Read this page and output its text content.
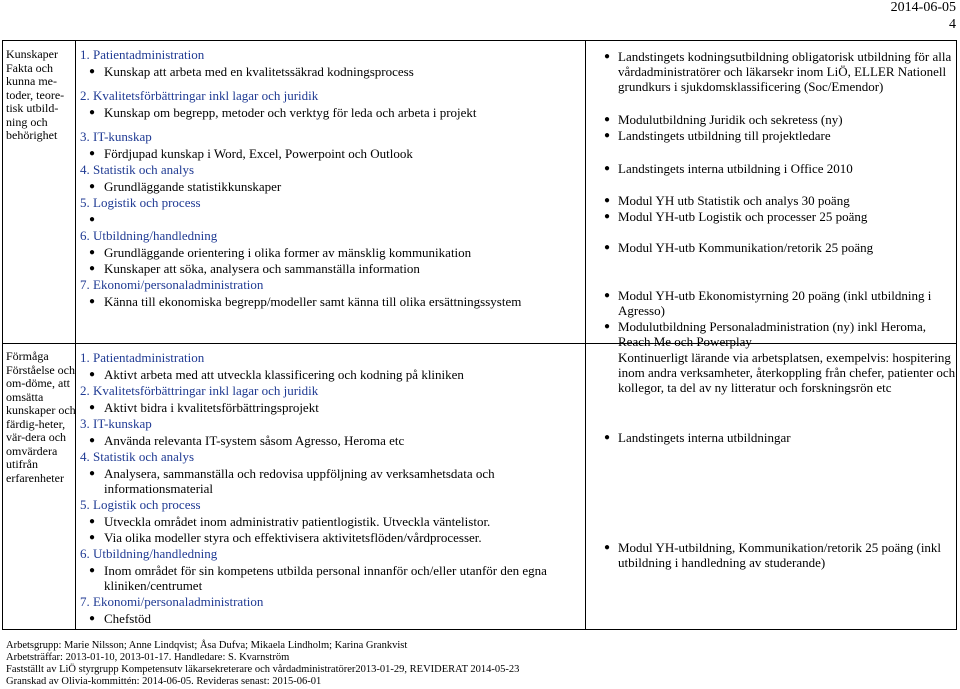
2014-06-05
4
Kunskaper Fakta och kunna me-toder, teore-tisk utbild-ning och behörighet
Förmåga Förståelse och om-döme, att omsätta kunskaper och färdig-heter, vär-dera och omvärdera utifrån erfarenheter
1. Patientadministration
● Kunskap att arbeta med en kvalitetssäkrad kodningsprocess
2. Kvalitetsförbättringar inkl lagar och juridik
● Kunskap om begrepp, metoder och verktyg för leda och arbeta i projekt
3. IT-kunskap
● Fördjupad kunskap i Word, Excel, Powerpoint och Outlook
4. Statistik och analys
● Grundläggande statistikkunskaper
5. Logistik och process
●
6. Utbildning/handledning
● Grundläggande orientering i olika former av mänsklig kommunikation
● Kunskaper att söka, analysera och sammanställa information
7. Ekonomi/personaladministration
● Känna till ekonomiska begrepp/modeller samt känna till olika ersättningssystem
1. Patientadministration
● Aktivt arbeta med att utveckla klassificering och kodning på kliniken
2. Kvalitetsförbättringar inkl lagar och juridik
● Aktivt bidra i kvalitetsförbättringsprojekt
3. IT-kunskap
● Använda relevanta IT-system såsom Agresso, Heroma etc
4. Statistik och analys
● Analysera, sammanställa och redovisa uppföljning av verksamhetsdata och informationsmaterial
5. Logistik och process
● Utveckla området inom administrativ patientlogistik. Utveckla väntelistor.
● Via olika modeller styra och effektivisera aktivitetsflöden/vårdprocesser.
6. Utbildning/handledning
● Inom området för sin kompetens utbilda personal innanför och/eller utanför den egna kliniken/centrumet
7. Ekonomi/personaladministration
● Chefstöd
● Landstingets kodningsutbildning obligatorisk utbildning för alla vårdadministratörer och läkarsekr inom LiÖ, ELLER Nationell grundkurs i sjukdomsklassificering (Soc/Emendor)
● Modulutbildning Juridik och sekretess (ny)
● Landstingets utbildning till projektledare
● Landstingets interna utbildning i Office 2010
● Modul YH utb Statistik och analys 30 poäng
● Modul YH-utb Logistik och processer 25 poäng
● Modul YH-utb Kommunikation/retorik 25 poäng
● Modul YH-utb Ekonomistyrning 20 poäng (inkl utbildning i Agresso)
● Modulutbildning Personaladministration (ny) inkl Heroma, Reach Me och Powerplay
Kontinuerligt lärande via arbetsplatsen, exempelvis: hospitering inom andra verksamheter, återkoppling från chefer, patienter och kollegor, ta del av ny litteratur och forskningsrön etc
● Landstingets interna utbildningar
● Modul YH-utbildning, Kommunikation/retorik 25 poäng (inkl utbildning i handledning av studerande)
Arbetsgrupp: Marie Nilsson; Anne Lindqvist; Åsa Dufva; Mikaela Lindholm; Karina Grankvist
Arbetsträffar: 2013-01-10, 2013-01-17. Handledare: S. Kvarnström
Fastställt av LiÖ styrgrupp Kompetensutv läkarsekreterare och vårdadministratörer2013-01-29, REVIDERAT 2014-05-23
Granskad av Olivia-kommittén: 2014-06-05. Revideras senast: 2015-06-01
